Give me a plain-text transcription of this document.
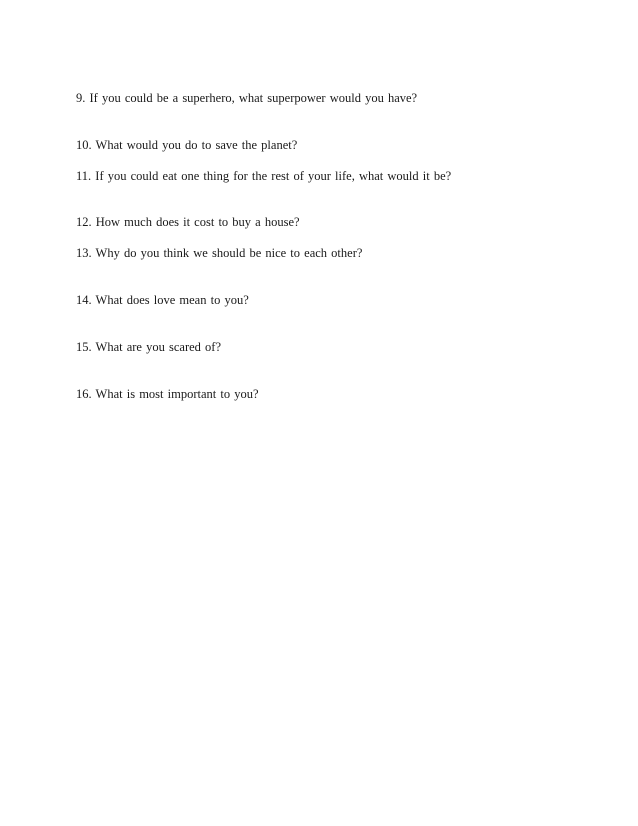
9. If you could be a superhero, what superpower would you have?

10. What would you do to save the planet?

11. If you could eat one thing for the rest of your life, what would it be?

12. How much does it cost to buy a house?

13. Why do you think we should be nice to each other?

14. What does love mean to you?

15. What are you scared of?

16. What is most important to you?
